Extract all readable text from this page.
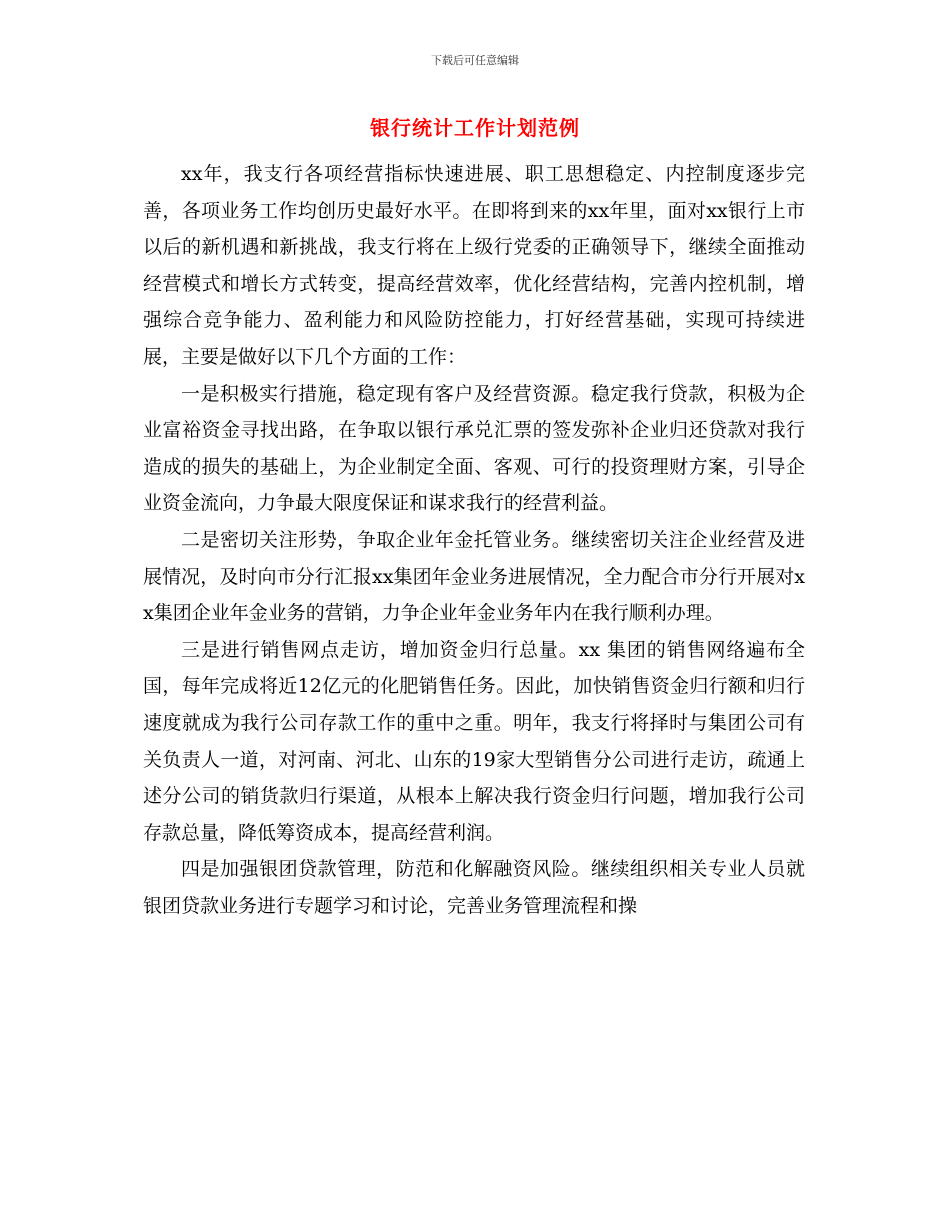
下载后可任意编辑
银行统计工作计划范例

xx年，我支行各项经营指标快速进展、职工思想稳定、内控制度逐步完善，各项业务工作均创历史最好水平。在即将到来的xx年里，面对xx银行上市以后的新机遇和新挑战，我支行将在上级行党委的正确领导下，继续全面推动经营模式和增长方式转变，提高经营效率，优化经营结构，完善内控机制，增强综合竞争能力、盈利能力和风险防控能力，打好经营基础，实现可持续进展，主要是做好以下几个方面的工作：

一是积极实行措施，稳定现有客户及经营资源。稳定我行贷款，积极为企业富裕资金寻找出路，在争取以银行承兑汇票的签发弥补企业归还贷款对我行造成的损失的基础上，为企业制定全面、客观、可行的投资理财方案，引导企业资金流向，力争最大限度保证和谋求我行的经营利益。

二是密切关注形势，争取企业年金托管业务。继续密切关注企业经营及进展情况，及时向市分行汇报xx集团年金业务进展情况，全力配合市分行开展对xx集团企业年金业务的营销，力争企业年金业务年内在我行顺利办理。

三是进行销售网点走访，增加资金归行总量。xx 集团的销售网络遍布全国，每年完成将近12亿元的化肥销售任务。因此，加快销售资金归行额和归行速度就成为我行公司存款工作的重中之重。明年，我支行将择时与集团公司有关负责人一道，对河南、河北、山东的19家大型销售分公司进行走访，疏通上述分公司的销货款归行渠道，从根本上解决我行资金归行问题，增加我行公司存款总量，降低筹资成本，提高经营利润。

四是加强银团贷款管理，防范和化解融资风险。继续组织相关专业人员就银团贷款业务进行专题学习和讨论，完善业务管理流程和操
